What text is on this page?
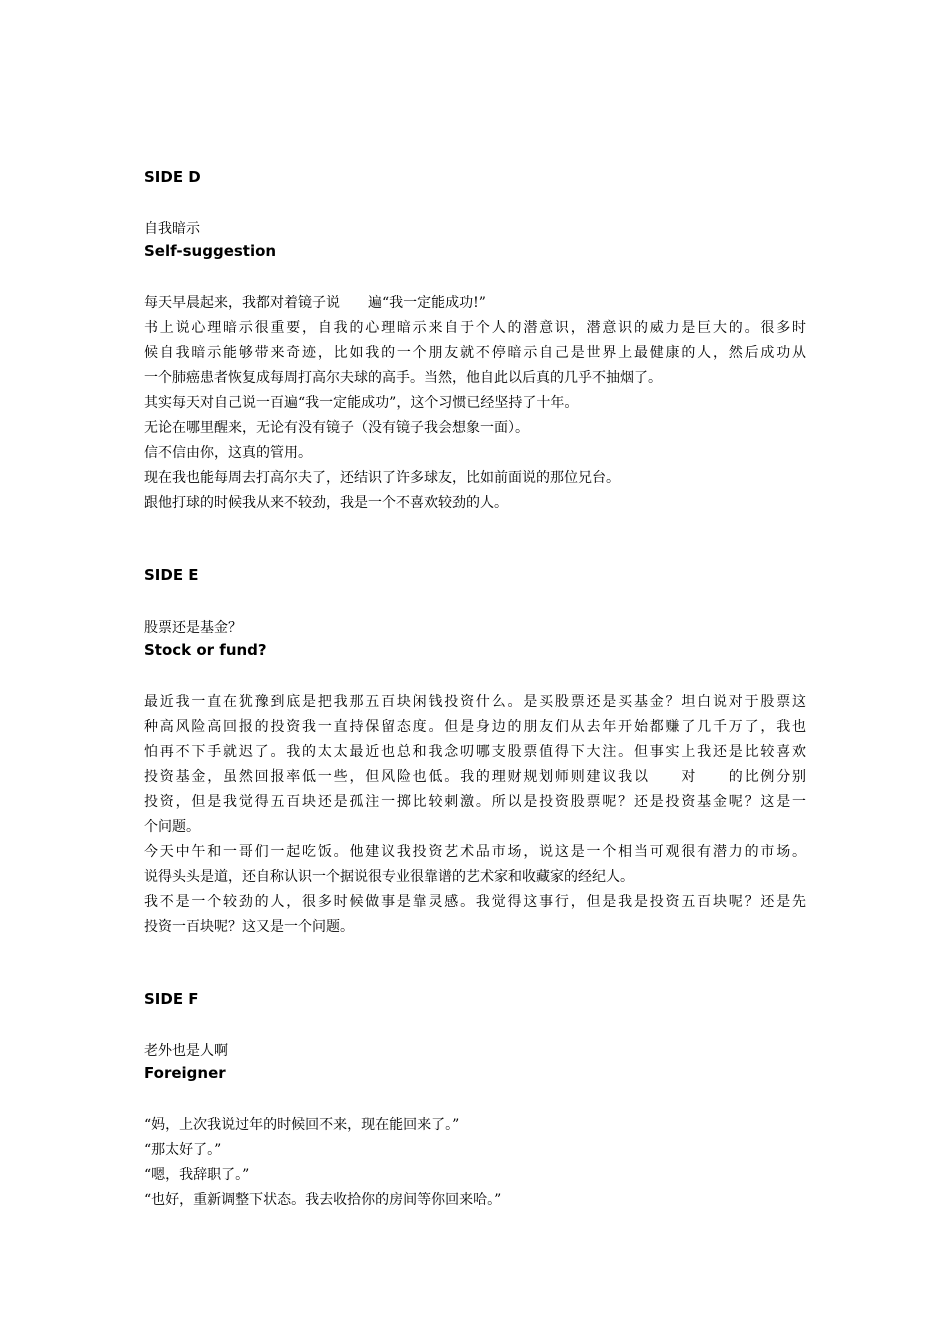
SIDE D
自我暗示
Self-suggestion
每天早晨起来，我都对着镜子说　　遍“我一定能成功!”
书上说心理暗示很重要，自我的心理暗示来自于个人的潜意识，潜意识的威力是巨大的。很多时
候自我暗示能够带来奇迹，比如我的一个朋友就不停暗示自己是世界上最健康的人，然后成功从
一个肺癌患者恢复成每周打高尔夫球的高手。当然，他自此以后真的几乎不抽烟了。
其实每天对自己说一百遍“我一定能成功”，这个习惯已经坚持了十年。
无论在哪里醒来，无论有没有镜子（没有镜子我会想象一面）。
信不信由你，这真的管用。
现在我也能每周去打高尔夫了，还结识了许多球友，比如前面说的那位兄台。
跟他打球的时候我从来不较劲，我是一个不喜欢较劲的人。
SIDE E
股票还是基金？
Stock or fund?
最近我一直在犹豫到底是把我那五百块闲钱投资什么。是买股票还是买基金？坦白说对于股票这
种高风险高回报的投资我一直持保留态度。但是身边的朋友们从去年开始都赚了几千万了，我也
怕再不下手就迟了。我的太太最近也总和我念叨哪支股票值得下大注。但事实上我还是比较喜欢
投资基金，虽然回报率低一些，但风险也低。我的理财规划师则建议我以　　对　　的比例分别
投资，但是我觉得五百块还是孤注一掷比较刺激。所以是投资股票呢？还是投资基金呢？这是一
个问题。
今天中午和一哥们一起吃饭。他建议我投资艺术品市场，说这是一个相当可观很有潜力的市场。
说得头头是道，还自称认识一个据说很专业很靠谱的艺术家和收藏家的经纪人。
我不是一个较劲的人，很多时候做事是靠灵感。我觉得这事行，但是我是投资五百块呢？还是先
投资一百块呢？这又是一个问题。
SIDE F
老外也是人啊
Foreigner
“妈，上次我说过年的时候回不来，现在能回来了。”
“那太好了。”
“嗯，我辞职了。”
“也好，重新调整下状态。我去收拾你的房间等你回来哈。”
